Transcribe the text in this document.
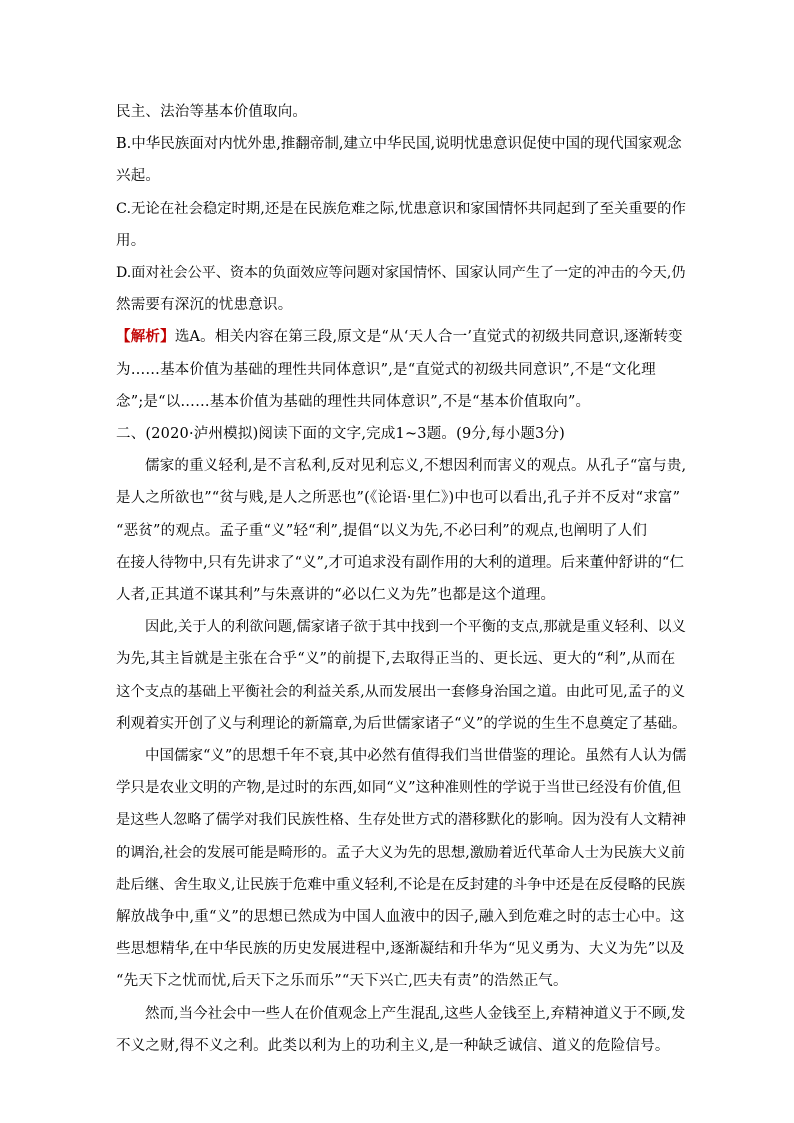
民主、法治等基本价值取向。
B.中华民族面对内忧外患,推翻帝制,建立中华民国,说明忧患意识促使中国的现代国家观念
兴起。
C.无论在社会稳定时期,还是在民族危难之际,忧患意识和家国情怀共同起到了至关重要的作
用。
D.面对社会公平、资本的负面效应等问题对家国情怀、国家认同产生了一定的冲击的今天,仍
然需要有深沉的忧患意识。
【解析】选A。相关内容在第三段,原文是“从‘天人合一’直觉式的初级共同意识,逐渐转变
为……基本价值为基础的理性共同体意识”,是“直觉式的初级共同意识”,不是“文化理
念”;是“以……基本价值为基础的理性共同体意识”,不是“基本价值取向”。
二、(2020·泸州模拟)阅读下面的文字,完成1~3题。(9分,每小题3分)
儒家的重义轻利,是不言私利,反对见利忘义,不想因利而害义的观点。从孔子“富与贵,
是人之所欲也”“贫与贱,是人之所恶也”(《论语·里仁》)中也可以看出,孔子并不反对“求富”
“恶贫”的观点。孟子重“义”轻“利”,提倡“以义为先,不必曰利”的观点,也阐明了人们
在接人待物中,只有先讲求了“义”,才可追求没有副作用的大利的道理。后来董仲舒讲的“仁
人者,正其道不谋其利”与朱熹讲的“必以仁义为先”也都是这个道理。
因此,关于人的利欲问题,儒家诸子欲于其中找到一个平衡的支点,那就是重义轻利、以义
为先,其主旨就是主张在合乎“义”的前提下,去取得正当的、更长远、更大的“利”,从而在
这个支点的基础上平衡社会的利益关系,从而发展出一套修身治国之道。由此可见,孟子的义
利观着实开创了义与利理论的新篇章,为后世儒家诸子“义”的学说的生生不息奠定了基础。
中国儒家“义”的思想千年不衰,其中必然有值得我们当世借鉴的理论。虽然有人认为儒
学只是农业文明的产物,是过时的东西,如同“义”这种准则性的学说于当世已经没有价值,但
是这些人忽略了儒学对我们民族性格、生存处世方式的潜移默化的影响。因为没有人文精神
的调治,社会的发展可能是畸形的。孟子大义为先的思想,激励着近代革命人士为民族大义前
赴后继、舍生取义,让民族于危难中重义轻利,不论是在反封建的斗争中还是在反侵略的民族
解放战争中,重“义”的思想已然成为中国人血液中的因子,融入到危难之时的志士心中。这
些思想精华,在中华民族的历史发展进程中,逐渐凝结和升华为“见义勇为、大义为先”以及
“先天下之忧而忧,后天下之乐而乐”“天下兴亡,匹夫有责”的浩然正气。
然而,当今社会中一些人在价值观念上产生混乱,这些人金钱至上,弃精神道义于不顾,发
不义之财,得不义之利。此类以利为上的功利主义,是一种缺乏诚信、道义的危险信号。
